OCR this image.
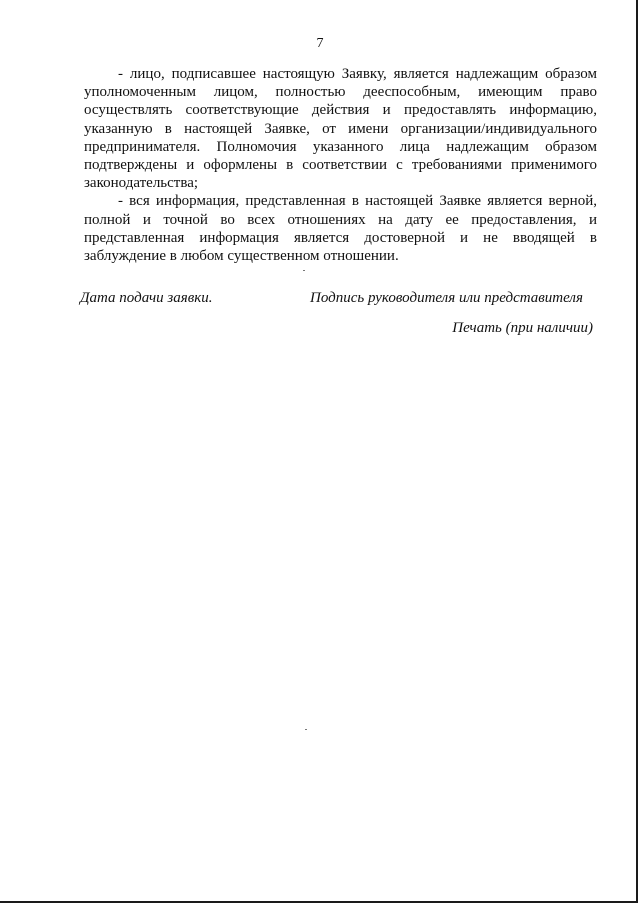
7

- лицо, подписавшее настоящую Заявку, является надлежащим образом уполномоченным лицом, полностью дееспособным, имеющим право осуществлять соответствующие действия и предоставлять информацию, указанную в настоящей Заявке, от имени организации/индивидуального предпринимателя. Полномочия указанного лица надлежащим образом подтверждены и оформлены в соответствии с требованиями применимого законодательства;

- вся информация, представленная в настоящей Заявке является верной, полной и точной во всех отношениях на дату ее предоставления, и представленная информация является достоверной и не вводящей в заблуждение в любом существенном отношении.

Дата подачи заявки.	Подпись руководителя или представителя
Печать (при наличии)
